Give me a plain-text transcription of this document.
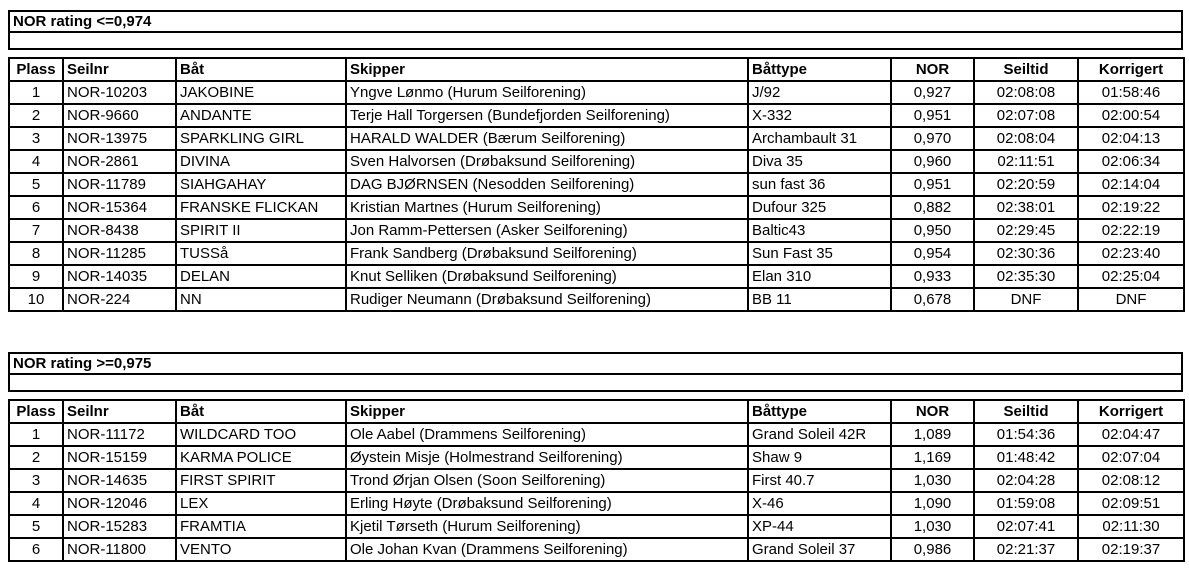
NOR rating <=0,974
Plass	Seilnr	Båt	Skipper	Båttype	NOR	Seiltid	Korrigert
1	NOR-10203	JAKOBINE	Yngve Lønmo (Hurum Seilforening)	J/92	0,927	02:08:08	01:58:46
2	NOR-9660	ANDANTE	Terje Hall Torgersen (Bundefjorden Seilforening)	X-332	0,951	02:07:08	02:00:54
3	NOR-13975	SPARKLING GIRL	HARALD WALDER (Bærum Seilforening)	Archambault 31	0,970	02:08:04	02:04:13
4	NOR-2861	DIVINA	Sven Halvorsen (Drøbaksund Seilforening)	Diva 35	0,960	02:11:51	02:06:34
5	NOR-11789	SIAHGAHAY	DAG BJØRNSEN (Nesodden Seilforening)	sun fast 36	0,951	02:20:59	02:14:04
6	NOR-15364	FRANSKE FLICKAN	Kristian Martnes (Hurum Seilforening)	Dufour 325	0,882	02:38:01	02:19:22
7	NOR-8438	SPIRIT II	Jon Ramm-Pettersen (Asker Seilforening)	Baltic43	0,950	02:29:45	02:22:19
8	NOR-11285	TUSSå	Frank Sandberg (Drøbaksund Seilforening)	Sun Fast 35	0,954	02:30:36	02:23:40
9	NOR-14035	DELAN	Knut Selliken (Drøbaksund Seilforening)	Elan 310	0,933	02:35:30	02:25:04
10	NOR-224	NN	Rudiger Neumann (Drøbaksund Seilforening)	BB 11	0,678	DNF	DNF
NOR rating >=0,975
Plass	Seilnr	Båt	Skipper	Båttype	NOR	Seiltid	Korrigert
1	NOR-11172	WILDCARD TOO	Ole Aabel (Drammens Seilforening)	Grand Soleil 42R	1,089	01:54:36	02:04:47
2	NOR-15159	KARMA POLICE	Øystein Misje (Holmestrand Seilforening)	Shaw 9	1,169	01:48:42	02:07:04
3	NOR-14635	FIRST SPIRIT	Trond Ørjan Olsen (Soon Seilforening)	First 40.7	1,030	02:04:28	02:08:12
4	NOR-12046	LEX	Erling Høyte (Drøbaksund Seilforening)	X-46	1,090	01:59:08	02:09:51
5	NOR-15283	FRAMTIA	Kjetil Tørseth (Hurum Seilforening)	XP-44	1,030	02:07:41	02:11:30
6	NOR-11800	VENTO	Ole Johan Kvan (Drammens Seilforening)	Grand Soleil 37	0,986	02:21:37	02:19:37
